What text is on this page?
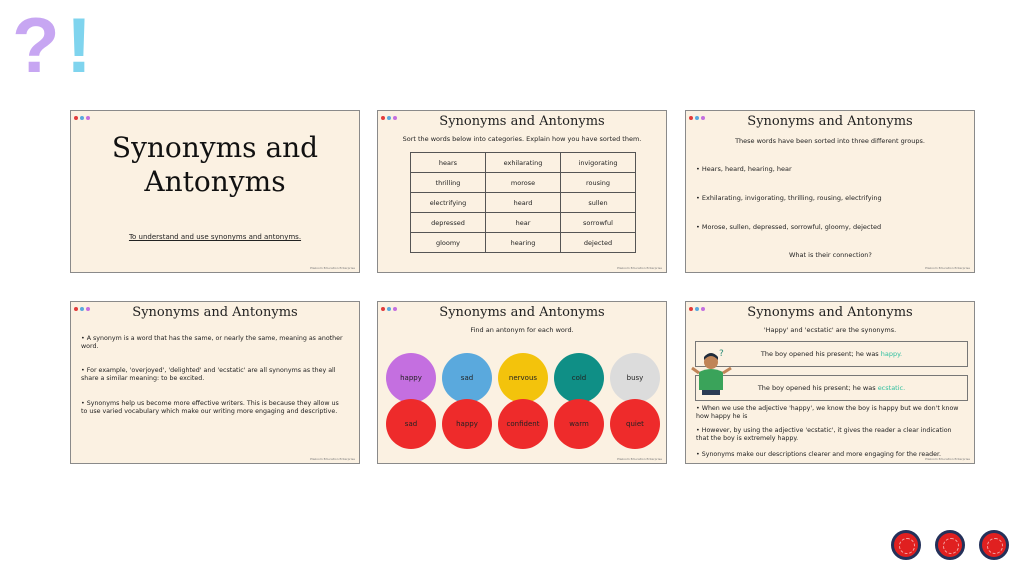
? !
Synonyms and Antonyms
To understand and use synonyms and antonyms.
Plazoom Education Enterprise
Synonyms and Antonyms
Sort the words below into categories. Explain how you have sorted them.
hears	exhilarating	invigorating
thrilling	morose	rousing
electrifying	heard	sullen
depressed	hear	sorrowful
gloomy	hearing	dejected
Plazoom Education Enterprise
Synonyms and Antonyms
These words have been sorted into three different groups.
• Hears, heard, hearing, hear
• Exhilarating, invigorating, thrilling, rousing, electrifying
• Morose, sullen, depressed, sorrowful, gloomy, dejected
What is their connection?
Plazoom Education Enterprise
Synonyms and Antonyms
• A synonym is a word that has the same, or nearly the same, meaning as another word.
• For example, 'overjoyed', 'delighted' and 'ecstatic' are all synonyms as they all share a similar meaning: to be excited.
• Synonyms help us become more effective writers. This is because they allow us to use varied vocabulary which make our writing more engaging and descriptive.
Plazoom Education Enterprise
Synonyms and Antonyms
Find an antonym for each word.
happy	sad	nervous	cold	busy
sad	happy	confident	warm	quiet
Plazoom Education Enterprise
Synonyms and Antonyms
'Happy' and 'ecstatic' are the synonyms.
The boy opened his present; he was happy.
The boy opened his present; he was ecstatic.
?
• When we use the adjective 'happy', we know the boy is happy but we don't know how happy he is
• However, by using the adjective 'ecstatic', it gives the reader a clear indication that the boy is extremely happy.
• Synonyms make our descriptions clearer and more engaging for the reader.
Plazoom Education Enterprise
